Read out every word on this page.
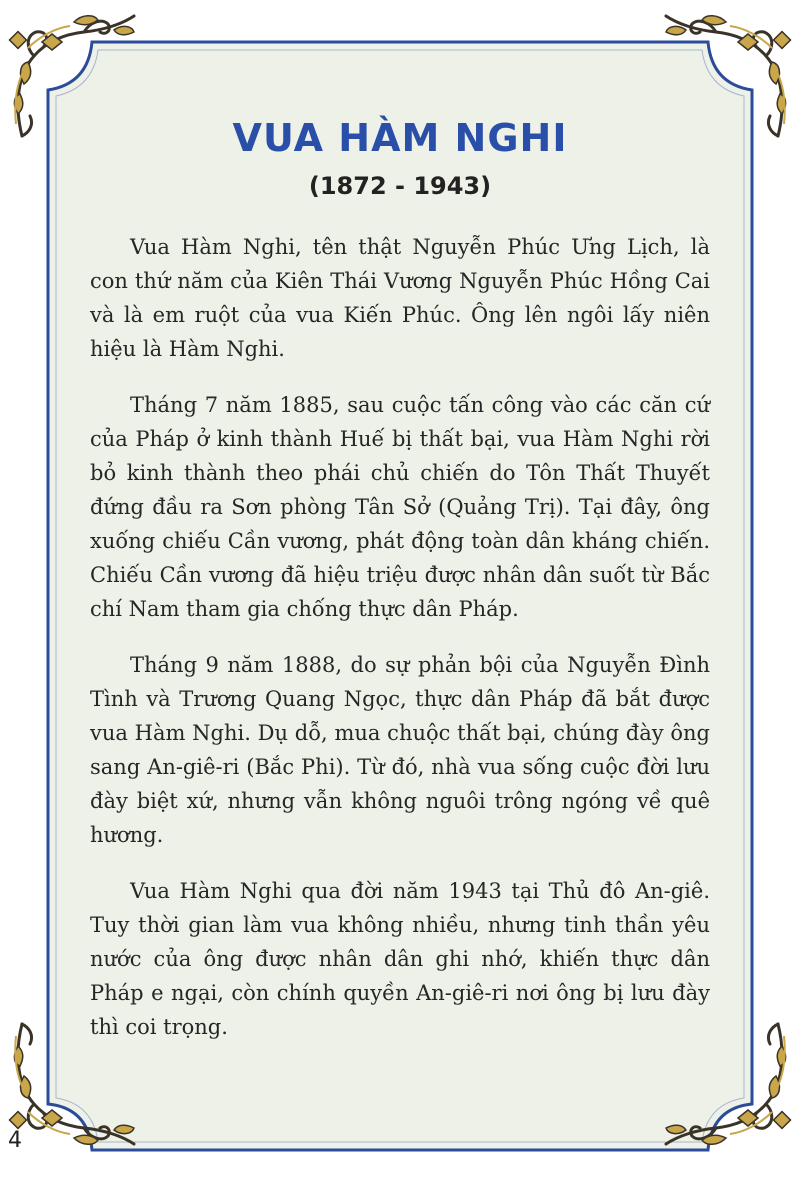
VUA HÀM NGHI
(1872 - 1943)

Vua Hàm Nghi, tên thật Nguyễn Phúc Ưng Lịch, là con thứ năm của Kiên Thái Vương Nguyễn Phúc Hồng Cai và là em ruột của vua Kiến Phúc. Ông lên ngôi lấy niên hiệu là Hàm Nghi.

Tháng 7 năm 1885, sau cuộc tấn công vào các căn cứ của Pháp ở kinh thành Huế bị thất bại, vua Hàm Nghi rời bỏ kinh thành theo phái chủ chiến do Tôn Thất Thuyết đứng đầu ra Sơn phòng Tân Sở (Quảng Trị). Tại đây, ông xuống chiếu Cần vương, phát động toàn dân kháng chiến. Chiếu Cần vương đã hiệu triệu được nhân dân suốt từ Bắc chí Nam tham gia chống thực dân Pháp.

Tháng 9 năm 1888, do sự phản bội của Nguyễn Đình Tình và Trương Quang Ngọc, thực dân Pháp đã bắt được vua Hàm Nghi. Dụ dỗ, mua chuộc thất bại, chúng đày ông sang An-giê-ri (Bắc Phi). Từ đó, nhà vua sống cuộc đời lưu đày biệt xứ, nhưng vẫn không nguôi trông ngóng về quê hương.

Vua Hàm Nghi qua đời năm 1943 tại Thủ đô An-giê. Tuy thời gian làm vua không nhiều, nhưng tinh thần yêu nước của ông được nhân dân ghi nhớ, khiến thực dân Pháp e ngại, còn chính quyền An-giê-ri nơi ông bị lưu đày thì coi trọng.

4
